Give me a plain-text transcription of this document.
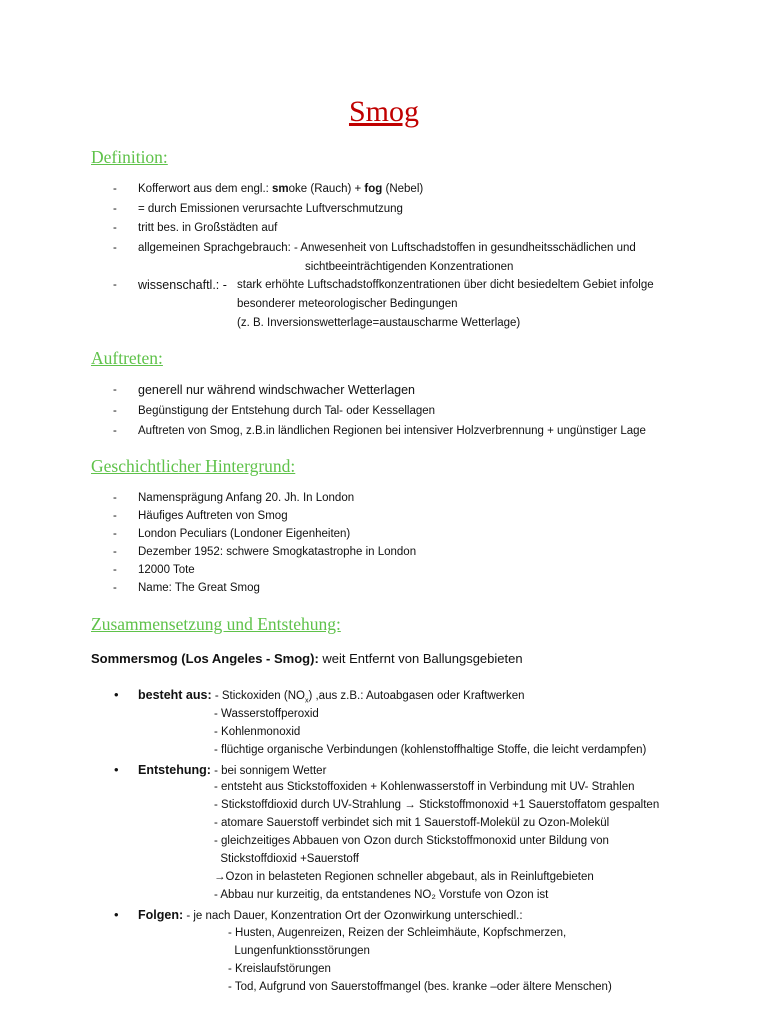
Smog
Definition:
- Kofferwort aus dem engl.: smoke (Rauch) + fog (Nebel)
- = durch Emissionen verursachte Luftverschmutzung
- tritt bes. in Großstädten auf
- allgemeinen Sprachgebrauch: - Anwesenheit von Luftschadstoffen in gesundheitsschädlichen und
sichtbeeinträchtigenden Konzentrationen
- wissenschaftl.: - stark erhöhte Luftschadstoffkonzentrationen über dicht besiedeltem Gebiet infolge
besonderer meteorologischer Bedingungen
(z. B. Inversionswetterlage=austauscharme Wetterlage)
Auftreten:
- generell nur während windschwacher Wetterlagen
- Begünstigung der Entstehung durch Tal- oder Kessellagen
- Auftreten von Smog, z.B.in ländlichen Regionen bei intensiver Holzverbrennung + ungünstiger Lage
Geschichtlicher Hintergrund:
- Namensprägung Anfang 20. Jh. In London
- Häufiges Auftreten von Smog
- London Peculiars (Londoner Eigenheiten)
- Dezember 1952: schwere Smogkatastrophe in London
- 12000 Tote
- Name: The Great Smog
Zusammensetzung und Entstehung:
Sommersmog (Los Angeles - Smog): weit Entfernt von Ballungsgebieten
• besteht aus: - Stickoxiden $(NO_x)$ ,aus z.B.: Autoabgasen oder Kraftwerken
- Wasserstoffperoxid
- Kohlenmonoxid
- flüchtige organische Verbindungen (kohlenstoffhaltige Stoffe, die leicht verdampfen)
• Entstehung: - bei sonnigem Wetter
- entsteht aus Stickstoffoxiden + Kohlenwasserstoff in Verbindung mit UV- Strahlen
- Stickstoffdioxid durch UV-Strahlung → Stickstoffmonoxid +1 Sauerstoffatom gespalten
- atomare Sauerstoff verbindet sich mit 1 Sauerstoff-Molekül zu Ozon-Molekül
- gleichzeitiges Abbauen von Ozon durch Stickstoffmonoxid unter Bildung von
Stickstoffdioxid +Sauerstoff
→Ozon in belasteten Regionen schneller abgebaut, als in Reinluftgebieten
- Abbau nur kurzeitig, da entstandenes NO₂ Vorstufe von Ozon ist
• Folgen: - je nach Dauer, Konzentration Ort der Ozonwirkung unterschiedl.:
- Husten, Augenreizen, Reizen der Schleimhäute, Kopfschmerzen,
Lungenfunktionsstörungen
- Kreislaufstörungen
- Tod, Aufgrund von Sauerstoffmangel (bes. kranke –oder ältere Menschen)
